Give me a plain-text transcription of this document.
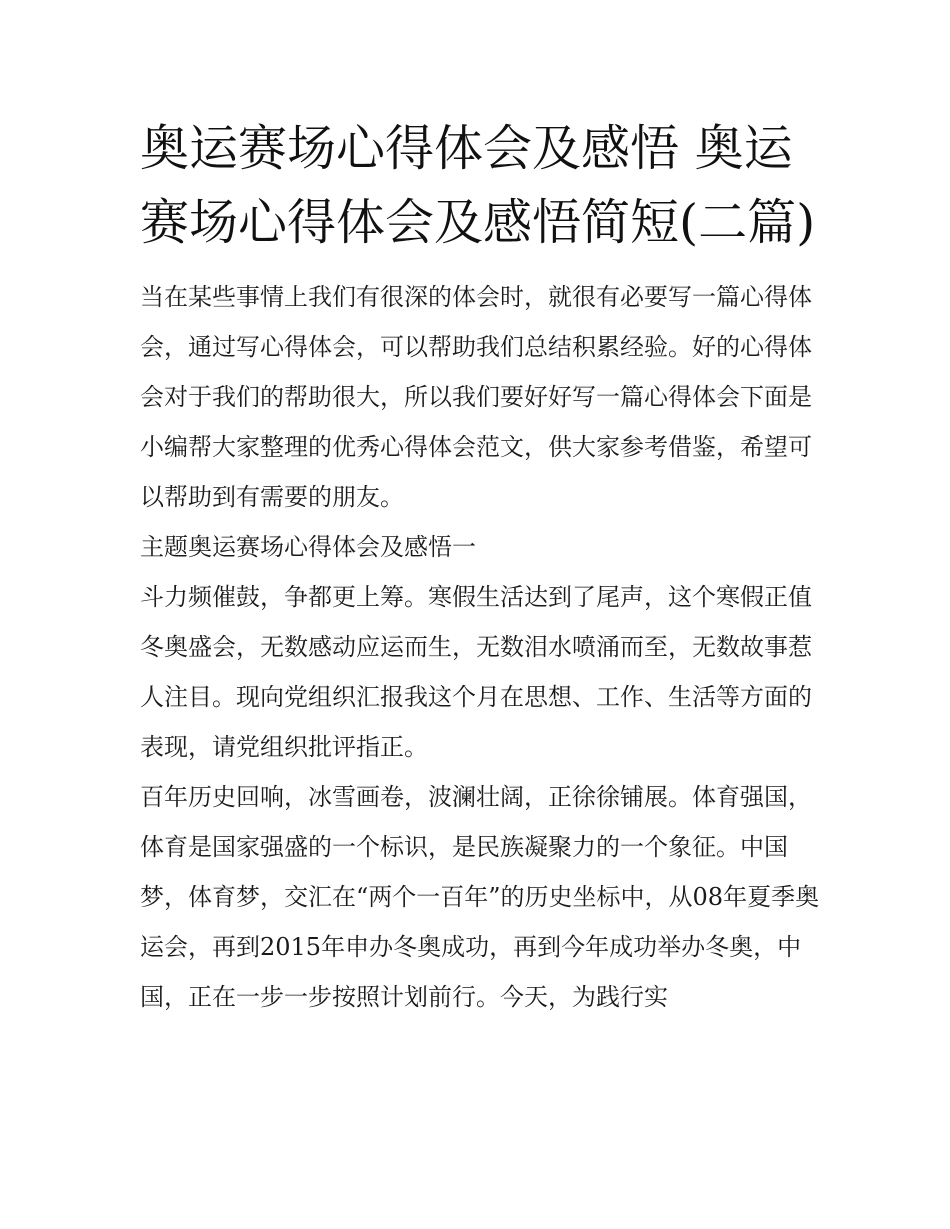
奥运赛场心得体会及感悟 奥运赛场心得体会及感悟简短(二篇)

当在某些事情上我们有很深的体会时，就很有必要写一篇心得体会，通过写心得体会，可以帮助我们总结积累经验。好的心得体会对于我们的帮助很大，所以我们要好好写一篇心得体会下面是小编帮大家整理的优秀心得体会范文，供大家参考借鉴，希望可以帮助到有需要的朋友。

主题奥运赛场心得体会及感悟一

斗力频催鼓，争都更上筹。寒假生活达到了尾声，这个寒假正值冬奥盛会，无数感动应运而生，无数泪水喷涌而至，无数故事惹人注目。现向党组织汇报我这个月在思想、工作、生活等方面的表现，请党组织批评指正。

百年历史回响，冰雪画卷，波澜壮阔，正徐徐铺展。体育强国，体育是国家强盛的一个标识，是民族凝聚力的一个象征。中国梦，体育梦，交汇在“两个一百年”的历史坐标中，从08年夏季奥运会，再到2015年申办冬奥成功，再到今年成功举办冬奥，中国，正在一步一步按照计划前行。今天，为践行实
